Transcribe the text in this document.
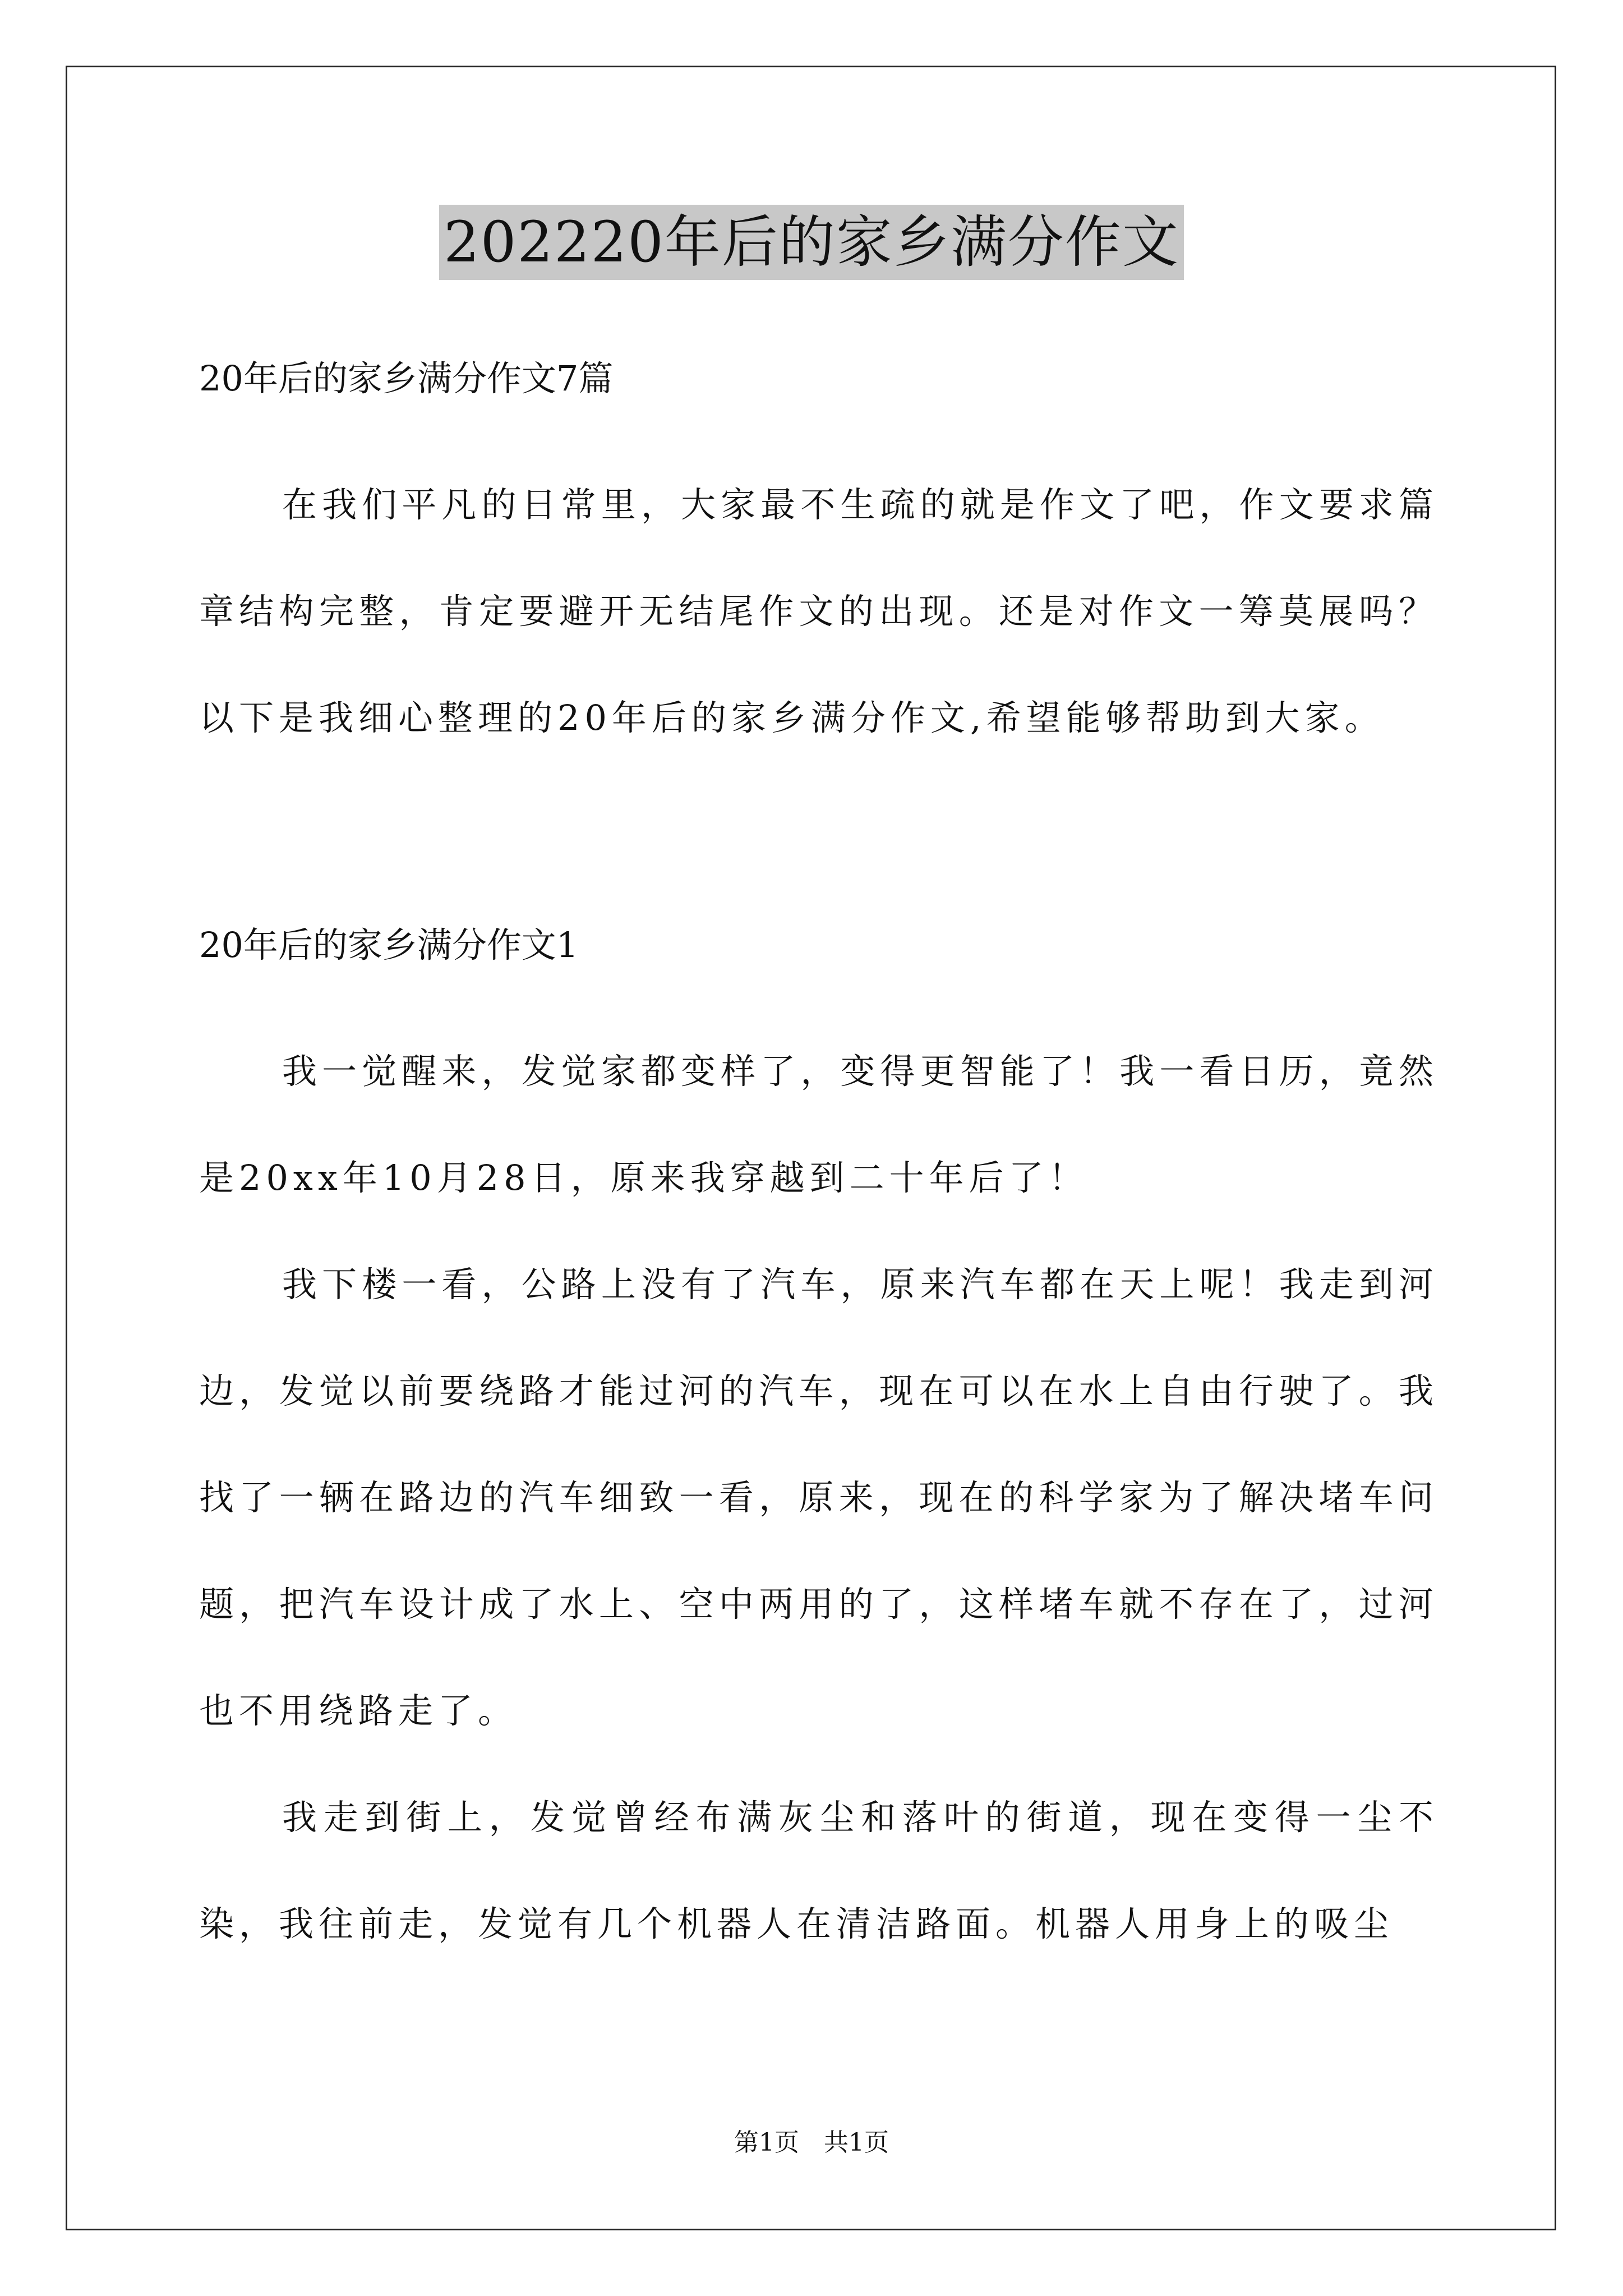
202220年后的家乡满分作文
20年后的家乡满分作文7篇

在我们平凡的日常里，大家最不生疏的就是作文了吧，作文要求篇章结构完整，肯定要避开无结尾作文的出现。还是对作文一筹莫展吗？以下是我细心整理的20年后的家乡满分作文,希望能够帮助到大家。

20年后的家乡满分作文1

我一觉醒来，发觉家都变样了，变得更智能了！我一看日历，竟然是20xx年10月28日，原来我穿越到二十年后了！

我下楼一看，公路上没有了汽车，原来汽车都在天上呢！我走到河边，发觉以前要绕路才能过河的汽车，现在可以在水上自由行驶了。我找了一辆在路边的汽车细致一看，原来，现在的科学家为了解决堵车问题，把汽车设计成了水上、空中两用的了，这样堵车就不存在了，过河也不用绕路走了。

我走到街上，发觉曾经布满灰尘和落叶的街道，现在变得一尘不染，我往前走，发觉有几个机器人在清洁路面。机器人用身上的吸尘

第1页　共1页
